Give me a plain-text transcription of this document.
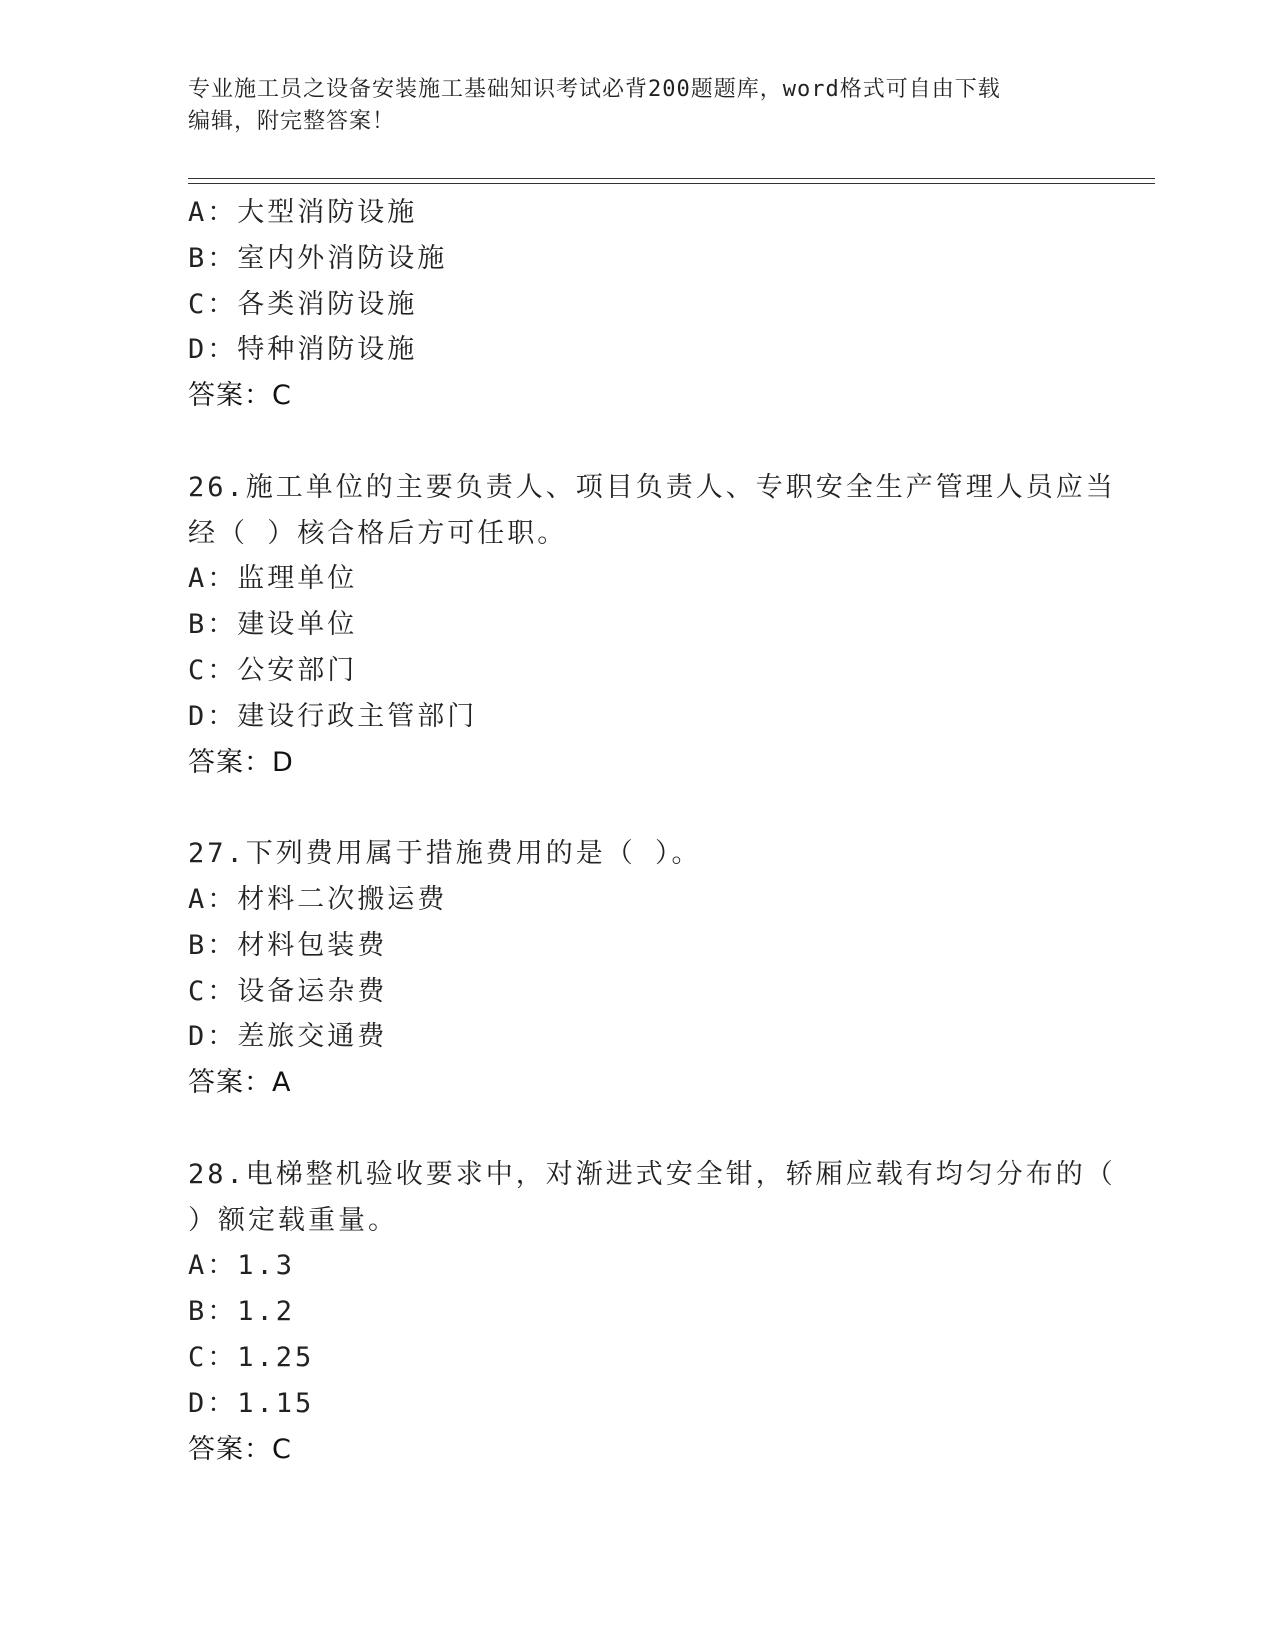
专业施工员之设备安装施工基础知识考试必背200题题库，word格式可自由下载
编辑，附完整答案！
A：大型消防设施
B：室内外消防设施
C：各类消防设施
D：特种消防设施
答案：C
26.施工单位的主要负责人、项目负责人、专职安全生产管理人员应当
经（ ）核合格后方可任职。
A：监理单位
B：建设单位
C：公安部门
D：建设行政主管部门
答案：D
27.下列费用属于措施费用的是（ ）。
A：材料二次搬运费
B：材料包装费
C：设备运杂费
D：差旅交通费
答案：A
28.电梯整机验收要求中，对渐进式安全钳，轿厢应载有均匀分布的（
）额定载重量。
A：1.3
B：1.2
C：1.25
D：1.15
答案：C
